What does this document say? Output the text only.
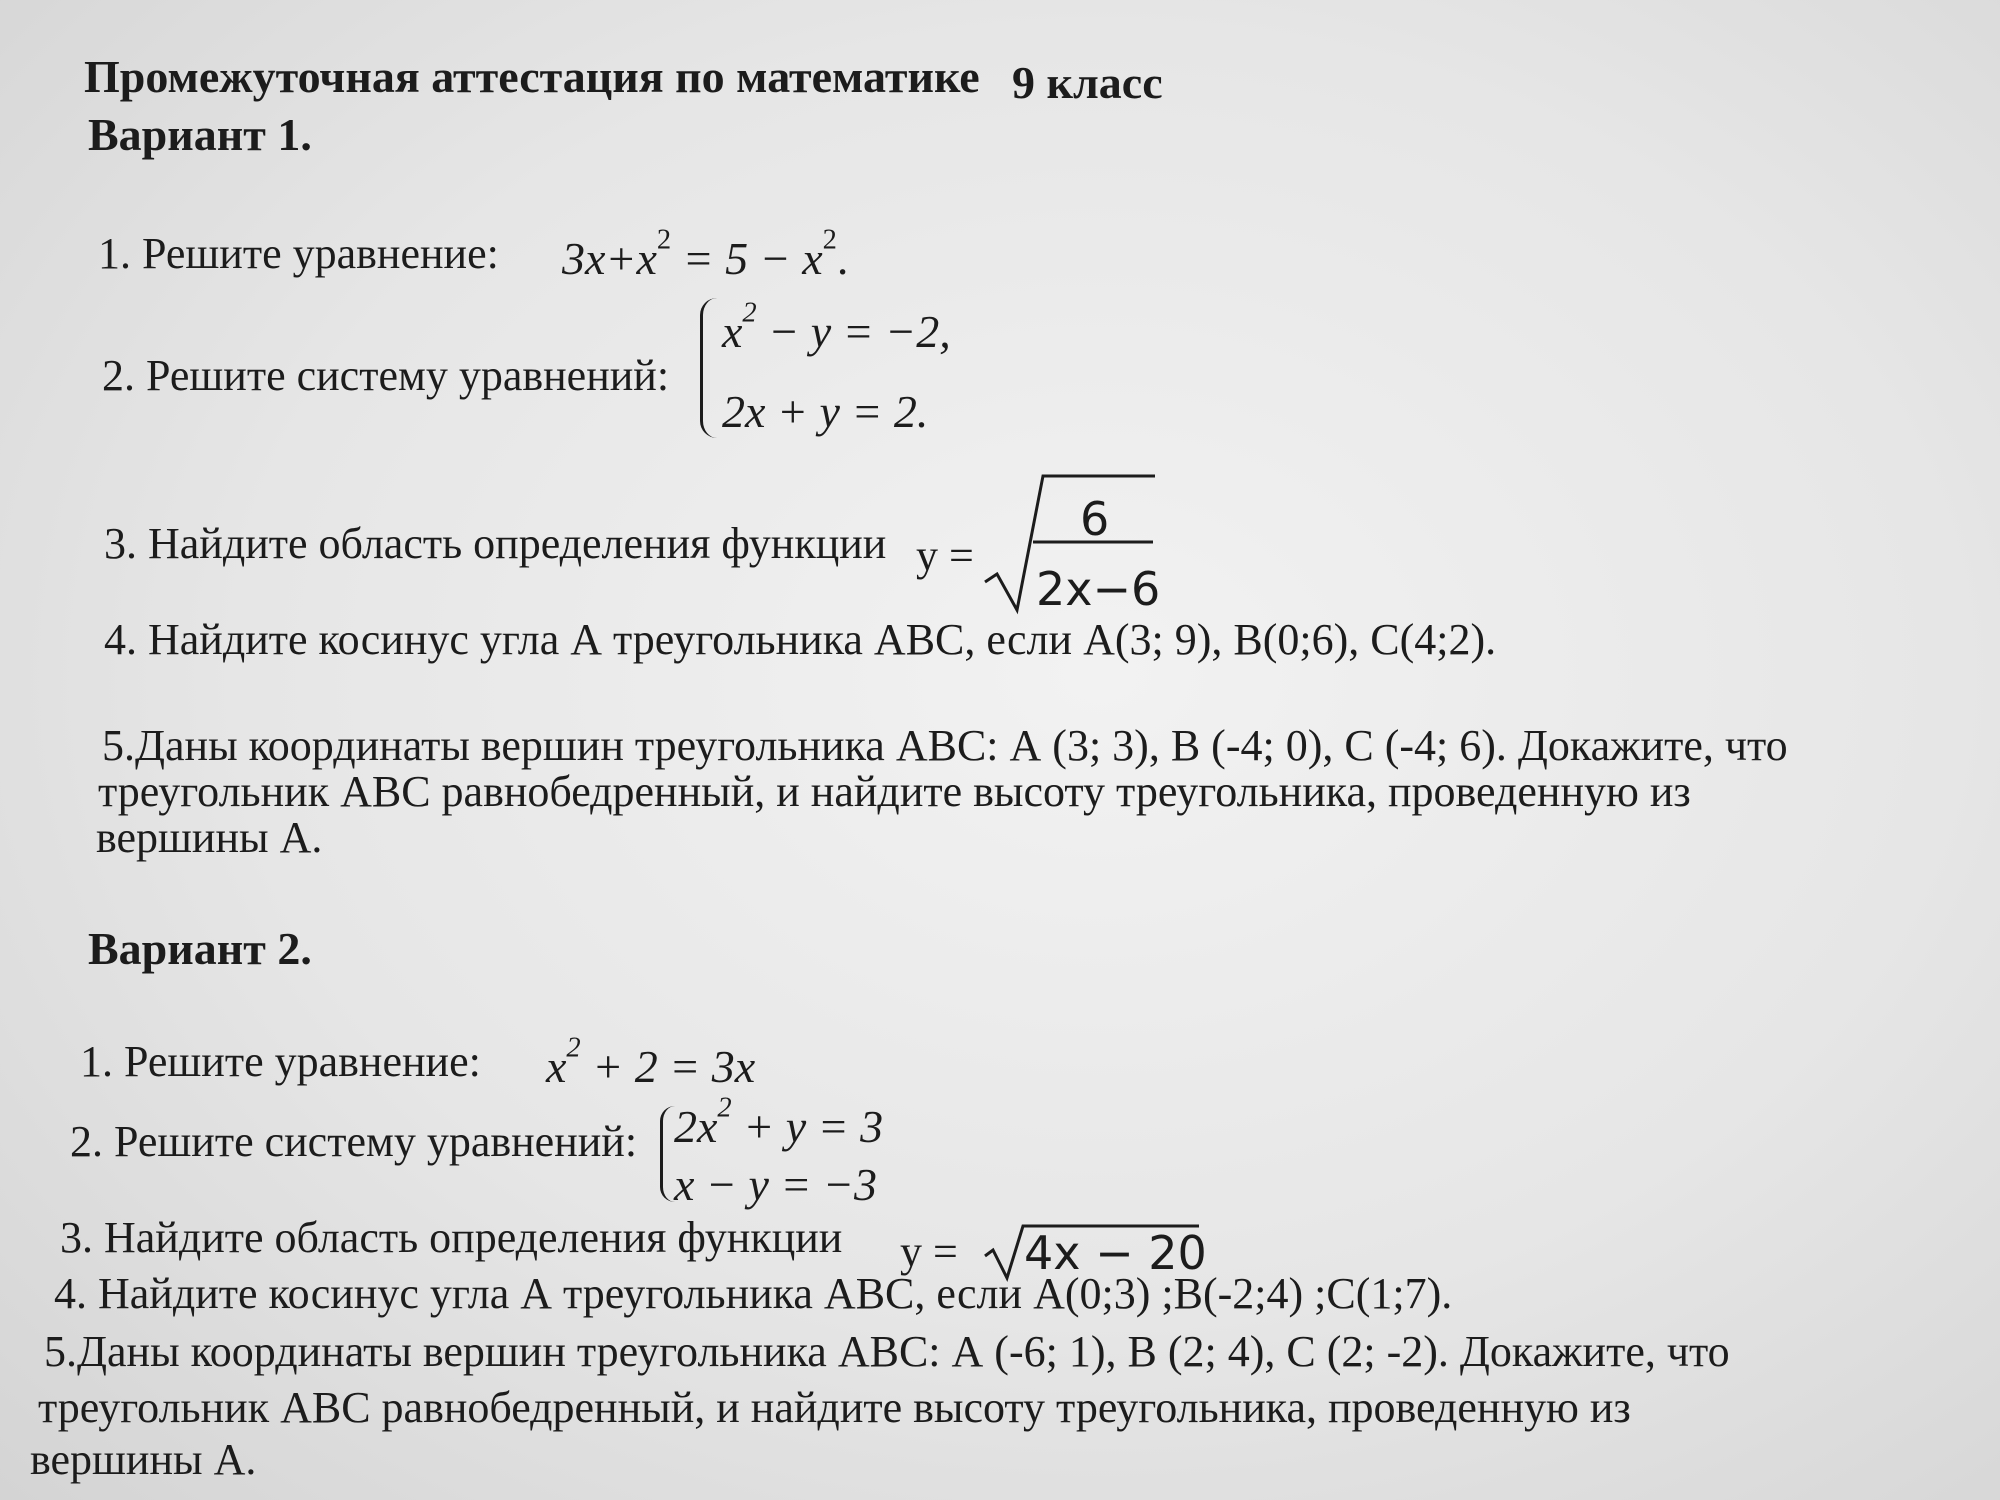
Промежуточная аттестация по математике 9 класс
Вариант 1.
1. Решите уравнение: $3x+x^2 = 5 - x^2$.
2. Решите систему уравнений:
$x^2 - y = -2$,
2x + y = 2.
3. Найдите область определения функции y =
6
2x−6
4. Найдите косинус угла А треугольника АВС, если А(3; 9), В(0;6), С(4;2).
5.Даны координаты вершин треугольника АВС: А (3; 3), В (-4; 0), С (-4; 6). Докажите, что
треугольник АВС равнобедренный, и найдите высоту треугольника, проведенную из
вершины А.
Вариант 2.
1. Решите уравнение: $x^2 + 2 = 3x$
2. Решите систему уравнений: $2x^2 + y = 3$
x − y = −3
3. Найдите область определения функции y = 4x − 20
4. Найдите косинус угла А треугольника АВС, если А(0;3) ;В(-2;4) ;С(1;7).
5.Даны координаты вершин треугольника АВС: А (-6; 1), В (2; 4), С (2; -2). Докажите, что
треугольник АВС равнобедренный, и найдите высоту треугольника, проведенную из
вершины А.
